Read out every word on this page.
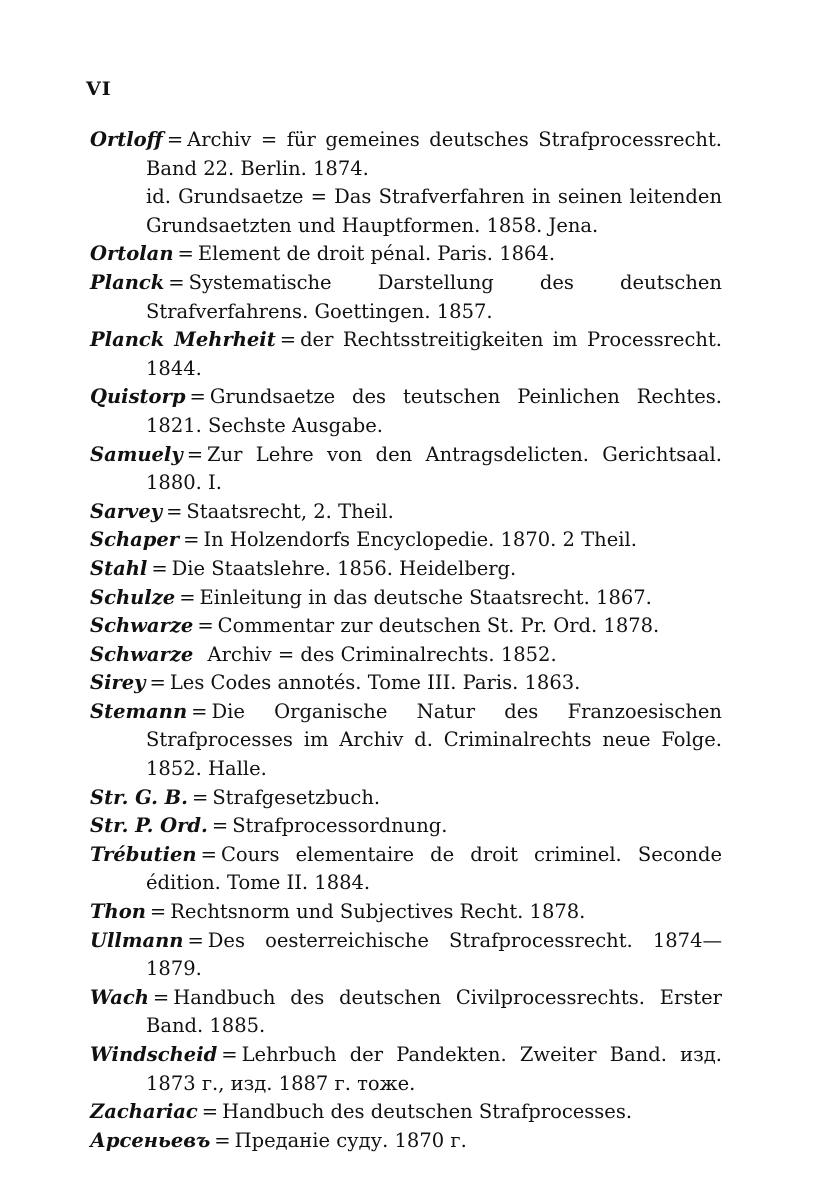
VI

Ortloff = Archiv = für gemeines deutsches Strafprocessrecht. Band 22. Berlin. 1874.

id. Grundsaetze = Das Strafverfahren in seinen leitenden Grundsaetzten und Hauptformen. 1858. Jena.

Ortolan = Element de droit pénal. Paris. 1864.

Planck = Systematische Darstellung des deutschen Strafverfahrens. Goettingen. 1857.

Planck Mehrheit = der Rechtsstreitigkeiten im Processrecht. 1844.

Quistorp = Grundsaetze des teutschen Peinlichen Rechtes. 1821. Sechste Ausgabe.

Samuely = Zur Lehre von den Antragsdelicten. Gerichtsaal. 1880. I.

Sarvey = Staatsrecht, 2. Theil.

Schaper = In Holzendorfs Encyclopedie. 1870. 2 Theil.

Stahl = Die Staatslehre. 1856. Heidelberg.

Schulze = Einleitung in das deutsche Staatsrecht. 1867.

Schwarze = Commentar zur deutschen St. Pr. Ord. 1878.

Schwarze Archiv = des Criminalrechts. 1852.

Sirey = Les Codes annotés. Tome III. Paris. 1863.

Stemann = Die Organische Natur des Franzoesischen Strafprocesses im Archiv d. Criminalrechts neue Folge. 1852. Halle.

Str. G. B. = Strafgesetzbuch.

Str. P. Ord. = Strafprocessordnung.

Trébutien = Cours elementaire de droit criminel. Seconde édition. Tome II. 1884.

Thon = Rechtsnorm und Subjectives Recht. 1878.

Ullmann = Des oesterreichische Strafprocessrecht. 1874—1879.

Wach = Handbuch des deutschen Civilprocessrechts. Erster Band. 1885.

Windscheid = Lehrbuch der Pandekten. Zweiter Band. изд. 1873 г., изд. 1887 г. тоже.

Zachariac = Handbuch des deutschen Strafprocesses.

Арсеньевъ = Преданіе суду. 1870 г.
